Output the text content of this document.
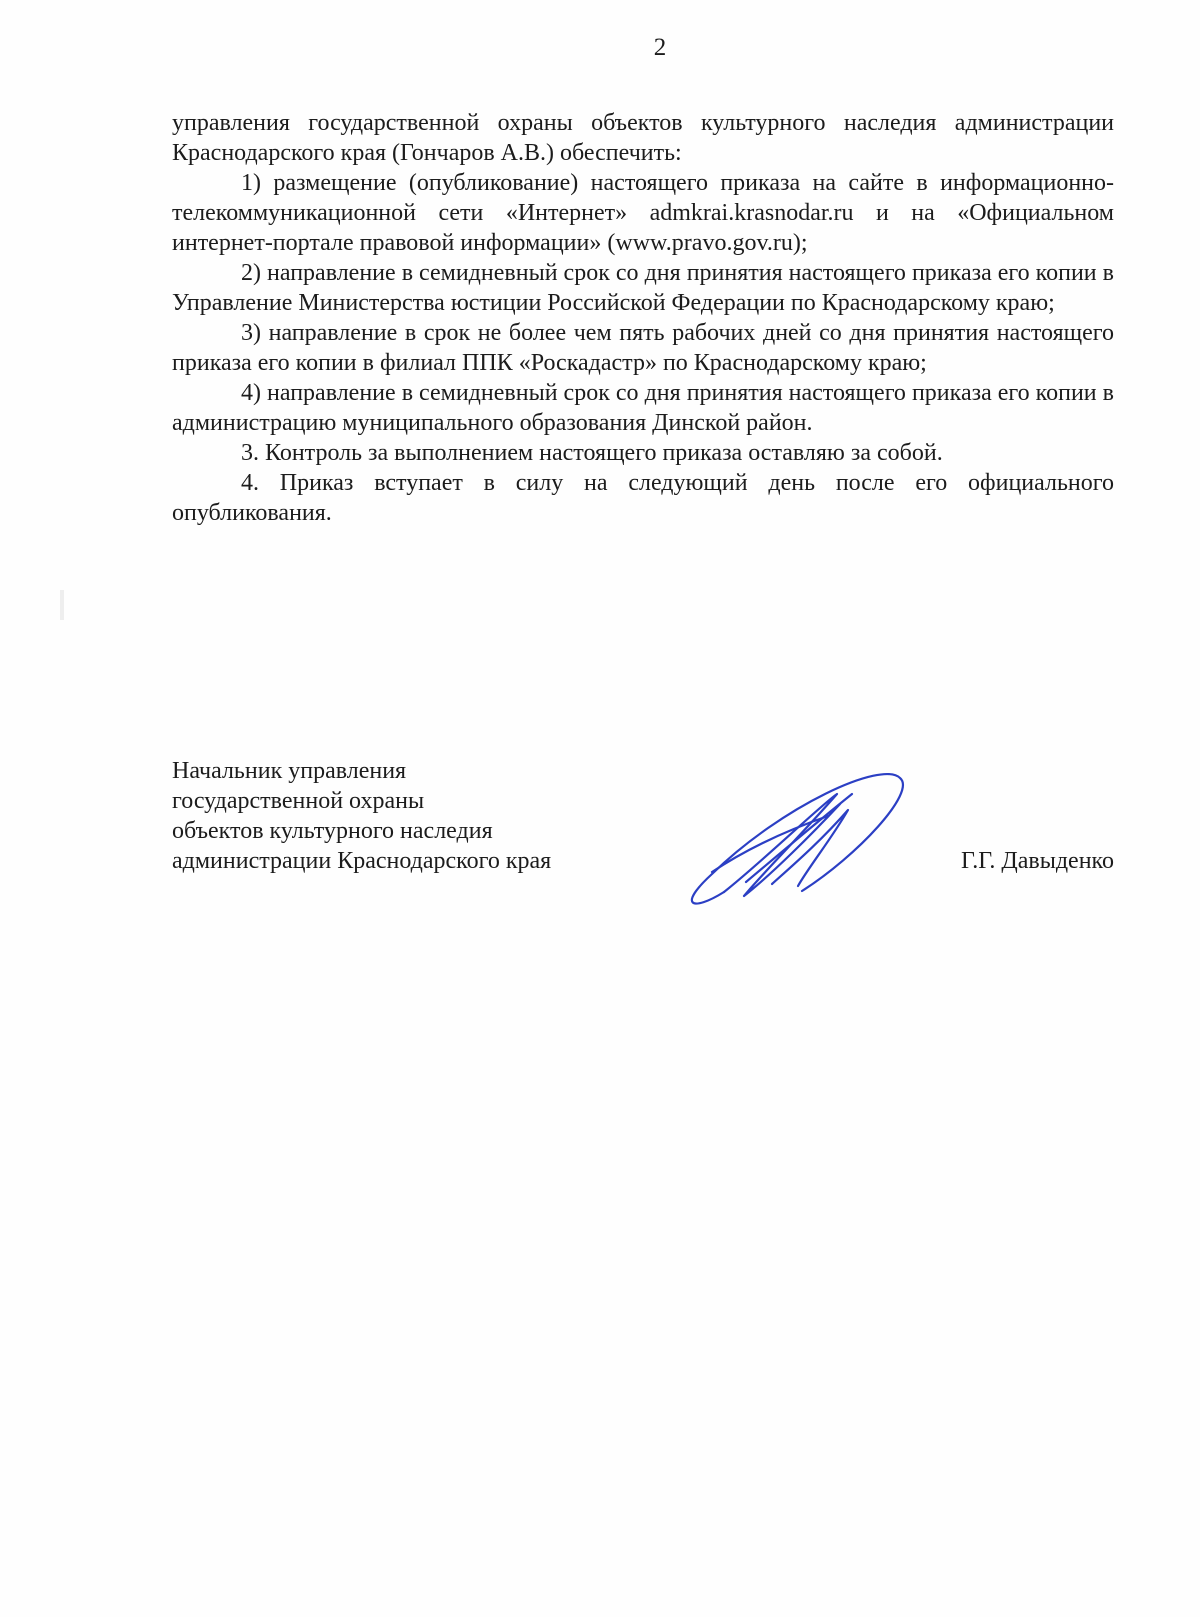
2

управления государственной охраны объектов культурного наследия администрации Краснодарского края (Гончаров А.В.) обеспечить:

1) размещение (опубликование) настоящего приказа на сайте в информационно-телекоммуникационной сети «Интернет» admkrai.krasnodar.ru и на «Официальном интернет-портале правовой информации» (www.pravo.gov.ru);

2) направление в семидневный срок со дня принятия настоящего приказа его копии в Управление Министерства юстиции Российской Федерации по Краснодарскому краю;

3) направление в срок не более чем пять рабочих дней со дня принятия настоящего приказа его копии в филиал ППК «Роскадастр» по Краснодарскому краю;

4) направление в семидневный срок со дня принятия настоящего приказа его копии в администрацию муниципального образования Динской район.

3. Контроль за выполнением настоящего приказа оставляю за собой.

4. Приказ вступает в силу на следующий день после его официального опубликования.

Начальник управления
государственной охраны
объектов культурного наследия
администрации Краснодарского края	Г.Г. Давыденко
